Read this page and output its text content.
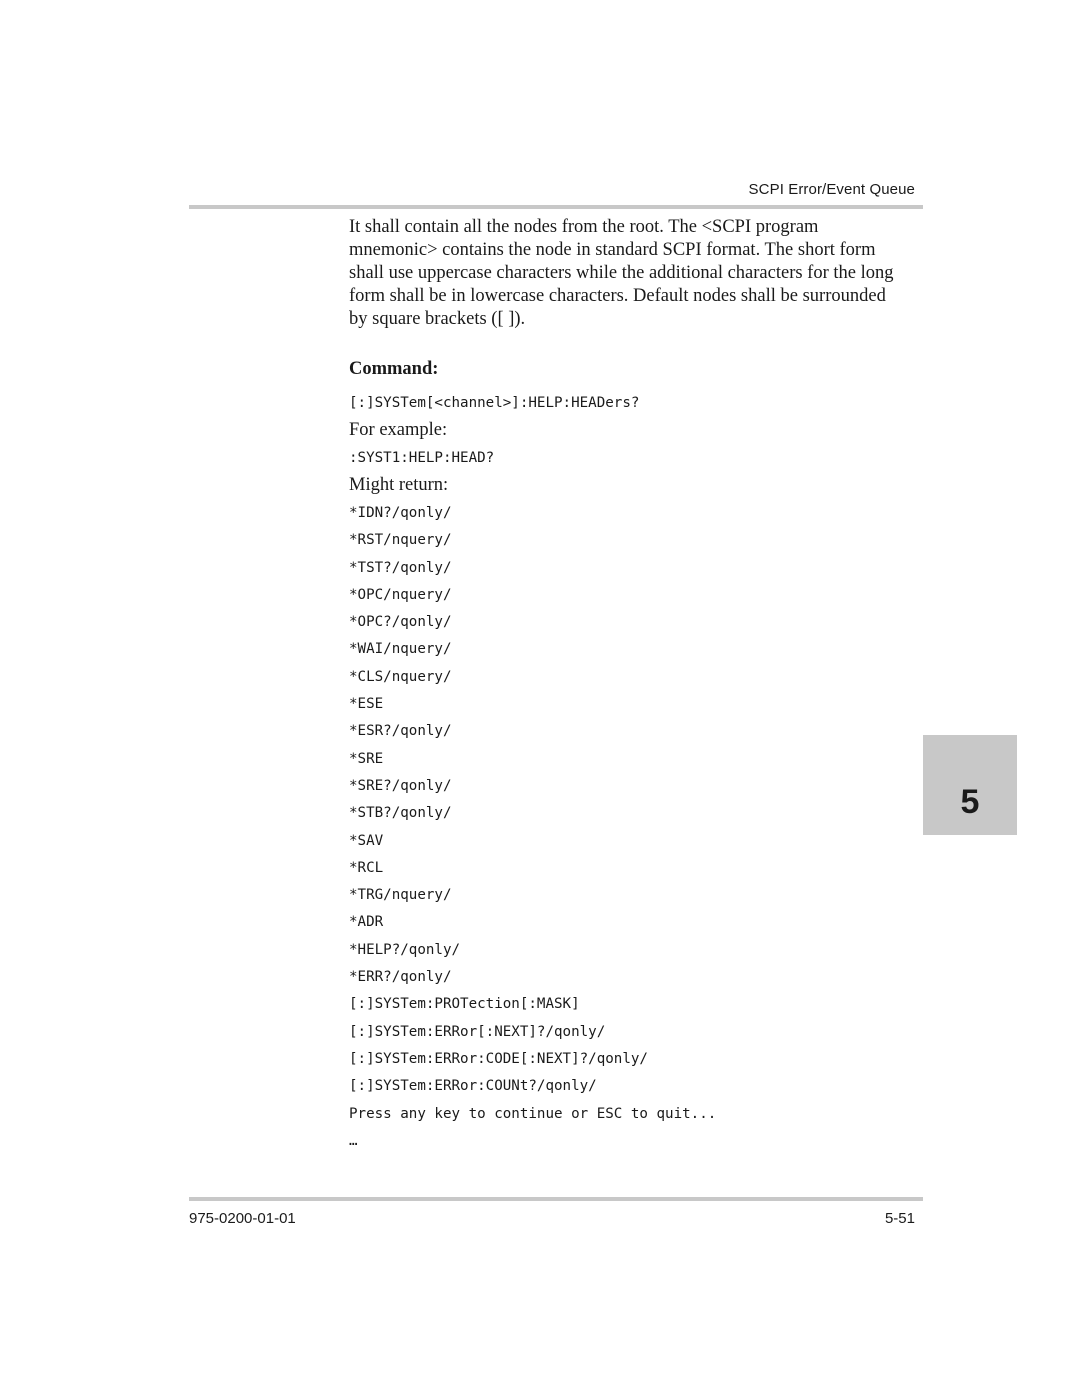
SCPI Error/Event Queue

It shall contain all the nodes from the root. The <SCPI program
mnemonic> contains the node in standard SCPI format. The short form
shall use uppercase characters while the additional characters for the long
form shall be in lowercase characters. Default nodes shall be surrounded
by square brackets ([ ]).

Command:
[:]SYSTem[<channel>]:HELP:HEADers?
For example:
:SYST1:HELP:HEAD?
Might return:
*IDN?/qonly/
*RST/nquery/
*TST?/qonly/
*OPC/nquery/
*OPC?/qonly/
*WAI/nquery/
*CLS/nquery/
*ESE
*ESR?/qonly/
*SRE
*SRE?/qonly/
*STB?/qonly/
*SAV
*RCL
*TRG/nquery/
*ADR
*HELP?/qonly/
*ERR?/qonly/
[:]SYSTem:PROTection[:MASK]
[:]SYSTem:ERRor[:NEXT]?/qonly/
[:]SYSTem:ERRor:CODE[:NEXT]?/qonly/
[:]SYSTem:ERRor:COUNt?/qonly/
Press any key to continue or ESC to quit...
…
5
975-0200-01-01	5-51
